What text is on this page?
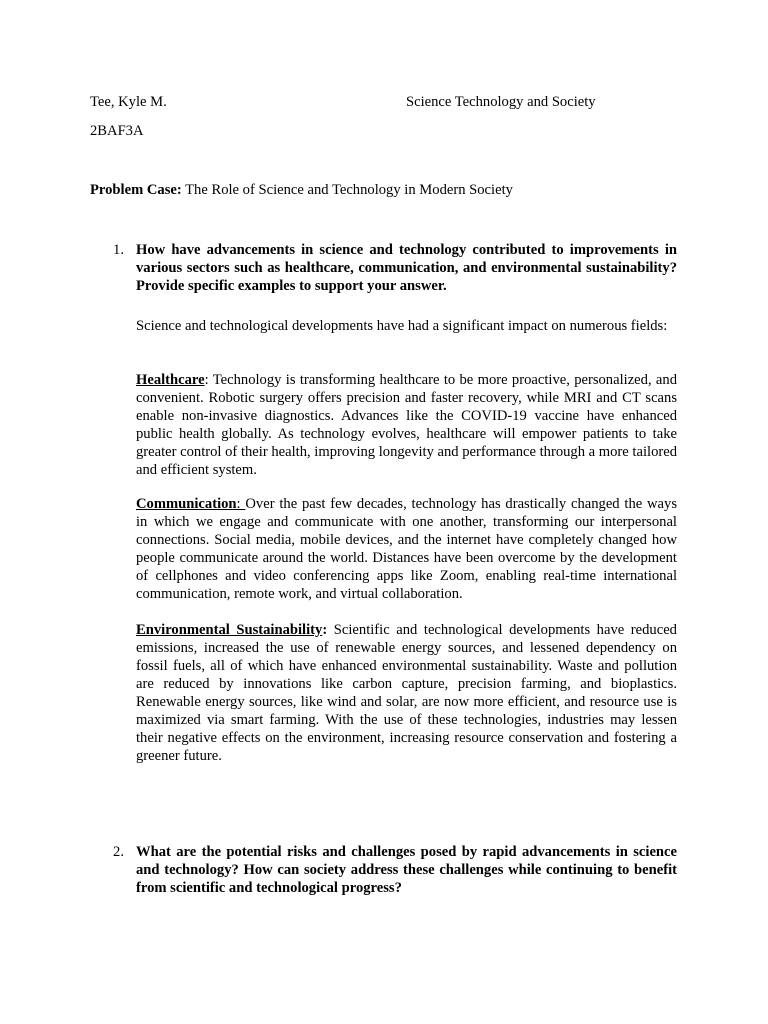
Tee, Kyle M.	Science Technology and Society
2BAF3A
Problem Case: The Role of Science and Technology in Modern Society
1. How have advancements in science and technology contributed to improvements in various sectors such as healthcare, communication, and environmental sustainability? Provide specific examples to support your answer.
Science and technological developments have had a significant impact on numerous fields:
Healthcare: Technology is transforming healthcare to be more proactive, personalized, and convenient. Robotic surgery offers precision and faster recovery, while MRI and CT scans enable non-invasive diagnostics. Advances like the COVID-19 vaccine have enhanced public health globally. As technology evolves, healthcare will empower patients to take greater control of their health, improving longevity and performance through a more tailored and efficient system.
Communication: Over the past few decades, technology has drastically changed the ways in which we engage and communicate with one another, transforming our interpersonal connections. Social media, mobile devices, and the internet have completely changed how people communicate around the world. Distances have been overcome by the development of cellphones and video conferencing apps like Zoom, enabling real-time international communication, remote work, and virtual collaboration.
Environmental Sustainability: Scientific and technological developments have reduced emissions, increased the use of renewable energy sources, and lessened dependency on fossil fuels, all of which have enhanced environmental sustainability. Waste and pollution are reduced by innovations like carbon capture, precision farming, and bioplastics. Renewable energy sources, like wind and solar, are now more efficient, and resource use is maximized via smart farming. With the use of these technologies, industries may lessen their negative effects on the environment, increasing resource conservation and fostering a greener future.
2. What are the potential risks and challenges posed by rapid advancements in science and technology? How can society address these challenges while continuing to benefit from scientific and technological progress?
